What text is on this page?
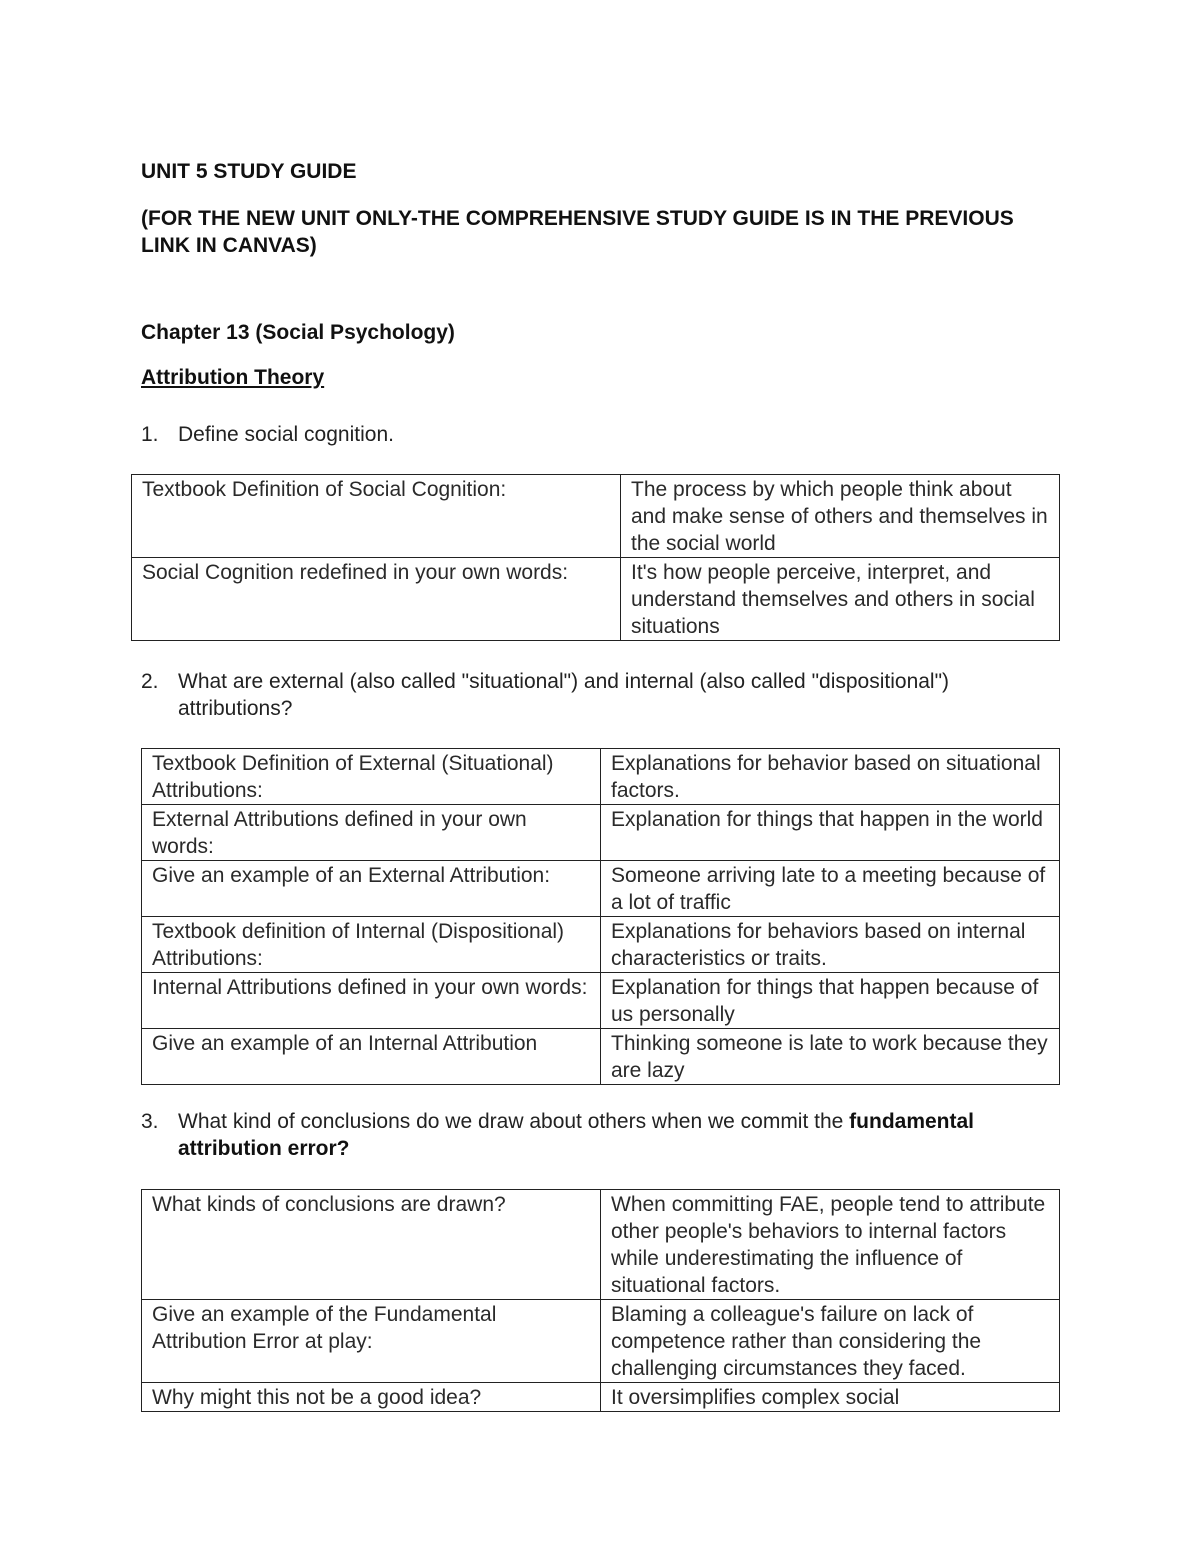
UNIT 5 STUDY GUIDE
(FOR THE NEW UNIT ONLY-THE COMPREHENSIVE STUDY GUIDE IS IN THE PREVIOUS LINK IN CANVAS)
Chapter 13 (Social Psychology)
Attribution Theory
1. Define social cognition.
Textbook Definition of Social Cognition:	The process by which people think about and make sense of others and themselves in the social world
Social Cognition redefined in your own words:	It's how people perceive, interpret, and understand themselves and others in social situations
2. What are external (also called "situational") and internal (also called "dispositional") attributions?
Textbook Definition of External (Situational) Attributions:	Explanations for behavior based on situational factors.
External Attributions defined in your own words:	Explanation for things that happen in the world
Give an example of an External Attribution:	Someone arriving late to a meeting because of a lot of traffic
Textbook definition of Internal (Dispositional) Attributions:	Explanations for behaviors based on internal characteristics or traits.
Internal Attributions defined in your own words:	Explanation for things that happen because of us personally
Give an example of an Internal Attribution	Thinking someone is late to work because they are lazy
3. What kind of conclusions do we draw about others when we commit the fundamental attribution error?
What kinds of conclusions are drawn?	When committing FAE, people tend to attribute other people's behaviors to internal factors while underestimating the influence of situational factors.
Give an example of the Fundamental Attribution Error at play:	Blaming a colleague's failure on lack of competence rather than considering the challenging circumstances they faced.
Why might this not be a good idea?	It oversimplifies complex social
